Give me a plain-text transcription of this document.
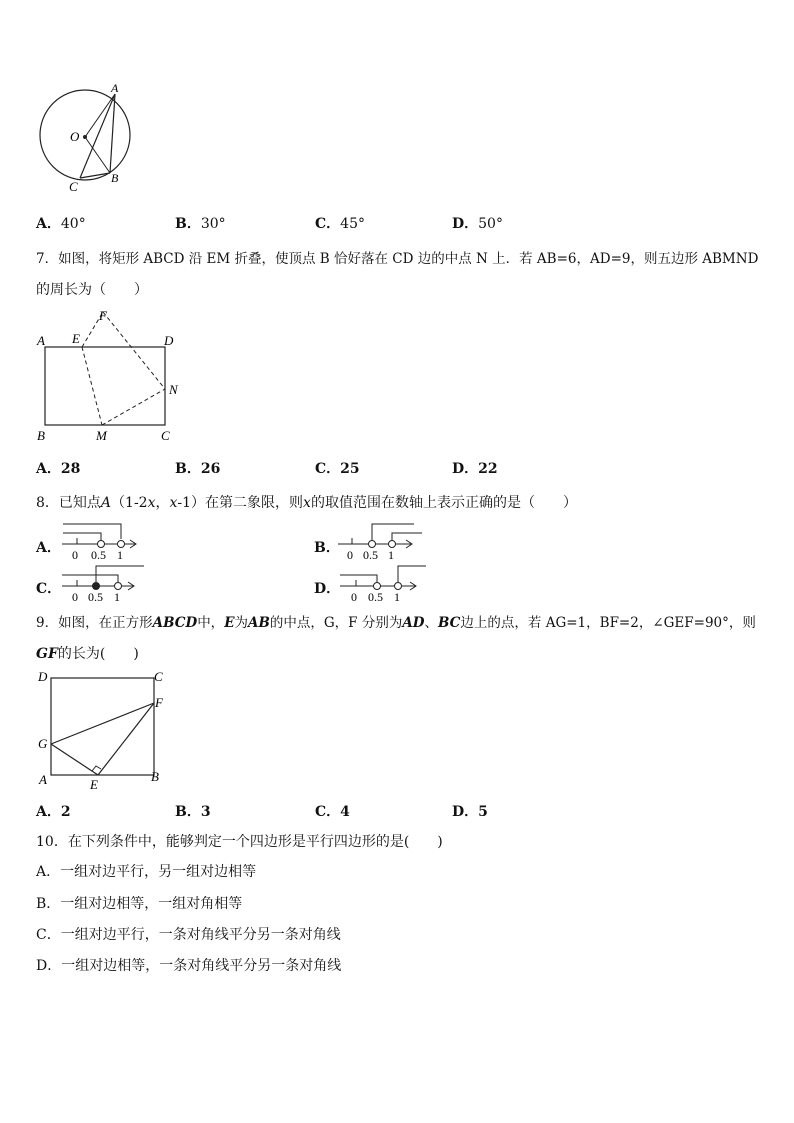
A
O
C
B
A．40°	B．30°	C．45°	D．50°
7．如图，将矩形 ABCD 沿 EM 折叠，使顶点 B 恰好落在 CD 边的中点 N 上．若 AB=6，AD=9，则五边形 ABMND
的周长为（　　）
A E
F
D
N
B	M	C
A．28	B．26	C．25	D．22
8．已知点A（1-2x，x-1）在第二象限，则x的取值范围在数轴上表示正确的是（　　）
A． 0 0.5 1	B． 0 0.5 1
C． 0 0.5 1	D． 0 0.5 1
9．如图，在正方形ABCD中，E为AB的中点，G，F 分别为AD、BC边上的点，若 AG=1，BF=2，∠GEF=90°，则
GF的长为(　　)
D	C
F
G
A	E
B
A．2	B．3	C．4	D．5
10．在下列条件中，能够判定一个四边形是平行四边形的是(　　)
A．一组对边平行，另一组对边相等
B．一组对边相等，一组对角相等
C．一组对边平行，一条对角线平分另一条对角线
D．一组对边相等，一条对角线平分另一条对角线
